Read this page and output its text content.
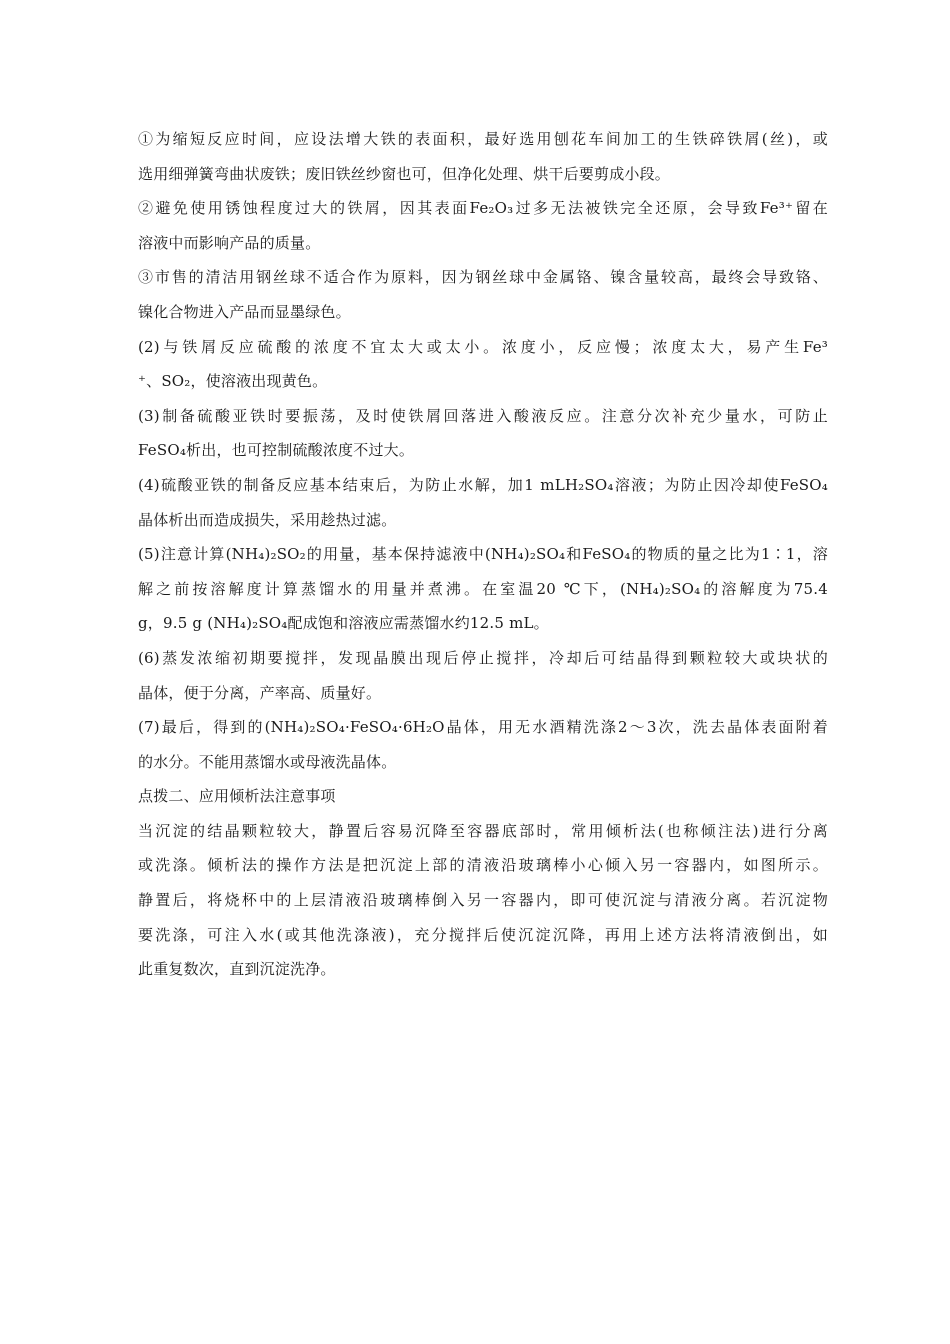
①为缩短反应时间，应设法增大铁的表面积，最好选用刨花车间加工的生铁碎铁屑(丝)，或
选用细弹簧弯曲状废铁；废旧铁丝纱窗也可，但净化处理、烘干后要剪成小段。
②避免使用锈蚀程度过大的铁屑，因其表面Fe₂O₃过多无法被铁完全还原，会导致Fe³⁺留在
溶液中而影响产品的质量。
③市售的清洁用钢丝球不适合作为原料，因为钢丝球中金属铬、镍含量较高，最终会导致铬、
镍化合物进入产品而显墨绿色。
(2)与铁屑反应硫酸的浓度不宜太大或太小。浓度小，反应慢；浓度太大，易产生Fe³
⁺、SO₂，使溶液出现黄色。
(3)制备硫酸亚铁时要振荡，及时使铁屑回落进入酸液反应。注意分次补充少量水，可防止
FeSO₄析出，也可控制硫酸浓度不过大。
(4)硫酸亚铁的制备反应基本结束后，为防止水解，加1 mLH₂SO₄溶液；为防止因冷却使FeSO₄
晶体析出而造成损失，采用趁热过滤。
(5)注意计算(NH₄)₂SO₂的用量，基本保持滤液中(NH₄)₂SO₄和FeSO₄的物质的量之比为1∶1，溶
解之前按溶解度计算蒸馏水的用量并煮沸。在室温20 ℃下，(NH₄)₂SO₄的溶解度为75.4
g，9.5 g (NH₄)₂SO₄配成饱和溶液应需蒸馏水约12.5 mL。
(6)蒸发浓缩初期要搅拌，发现晶膜出现后停止搅拌，冷却后可结晶得到颗粒较大或块状的
晶体，便于分离，产率高、质量好。
(7)最后，得到的(NH₄)₂SO₄·FeSO₄·6H₂O晶体，用无水酒精洗涤2～3次，洗去晶体表面附着
的水分。不能用蒸馏水或母液洗晶体。
点拨二、应用倾析法注意事项
当沉淀的结晶颗粒较大，静置后容易沉降至容器底部时，常用倾析法(也称倾注法)进行分离
或洗涤。倾析法的操作方法是把沉淀上部的清液沿玻璃棒小心倾入另一容器内，如图所示。
静置后，将烧杯中的上层清液沿玻璃棒倒入另一容器内，即可使沉淀与清液分离。若沉淀物
要洗涤，可注入水(或其他洗涤液)，充分搅拌后使沉淀沉降，再用上述方法将清液倒出，如
此重复数次，直到沉淀洗净。
